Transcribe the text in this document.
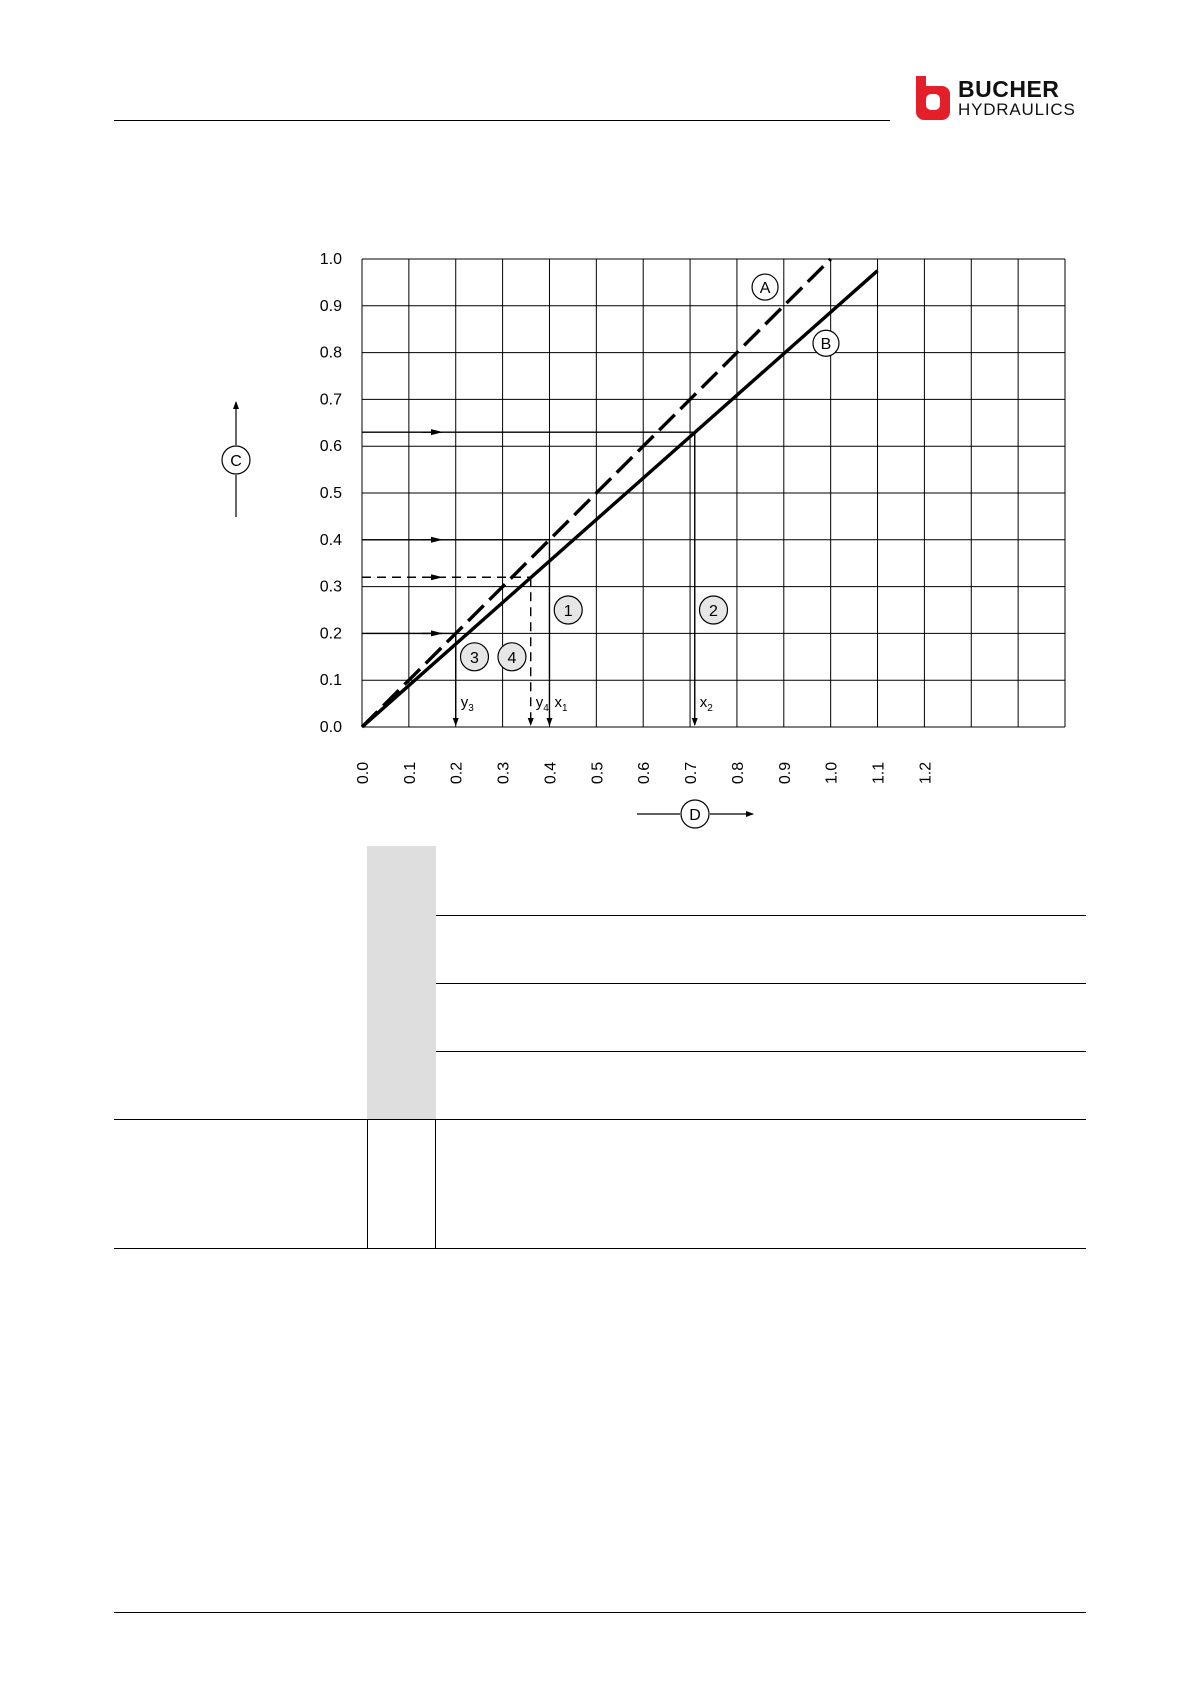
BUCHER
HYDRAULICS
0.0
0.1
0.2
0.3
0.4
0.5
0.6
0.7
0.8
0.9
1.0
0.0 0.1 0.2 0.3 0.4 0.5 0.6 0.7 0.8 0.9 1.0 1.1 1.2
$x_1$	$x_2$
$y_3$	$y_4$
A
B
1	2
3 4
C
D
